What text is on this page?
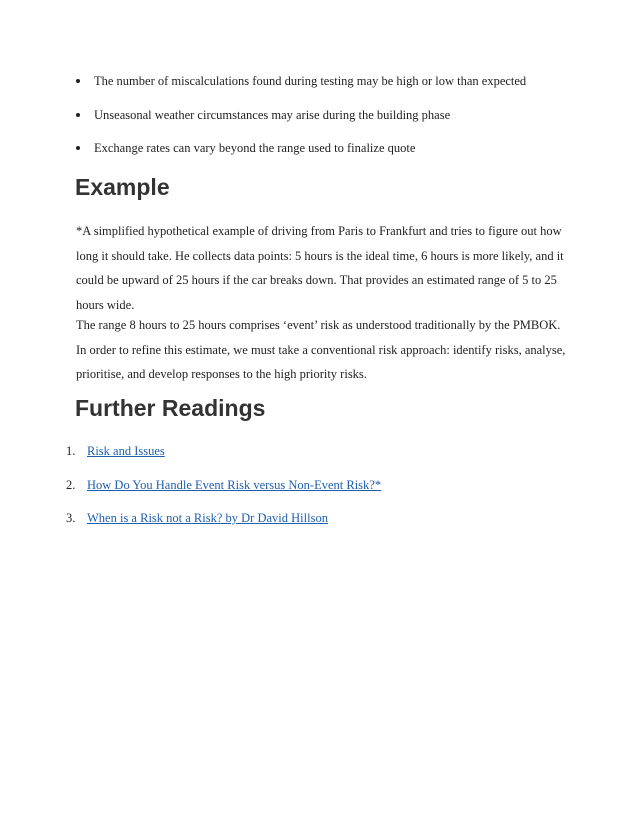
The number of miscalculations found during testing may be high or low than expected
Unseasonal weather circumstances may arise during the building phase
Exchange rates can vary beyond the range used to finalize quote
Example

*A simplified hypothetical example of driving from Paris to Frankfurt and tries to figure out how long it should take. He collects data points: 5 hours is the ideal time, 6 hours is more likely, and it could be upward of 25 hours if the car breaks down. That provides an estimated range of 5 to 25 hours wide.

The range 8 hours to 25 hours comprises ‘event’ risk as understood traditionally by the PMBOK. In order to refine this estimate, we must take a conventional risk approach: identify risks, analyse, prioritise, and develop responses to the high priority risks.

Further Readings
1. Risk and Issues
2. How Do You Handle Event Risk versus Non-Event Risk?*
3. When is a Risk not a Risk? by Dr David Hillson
